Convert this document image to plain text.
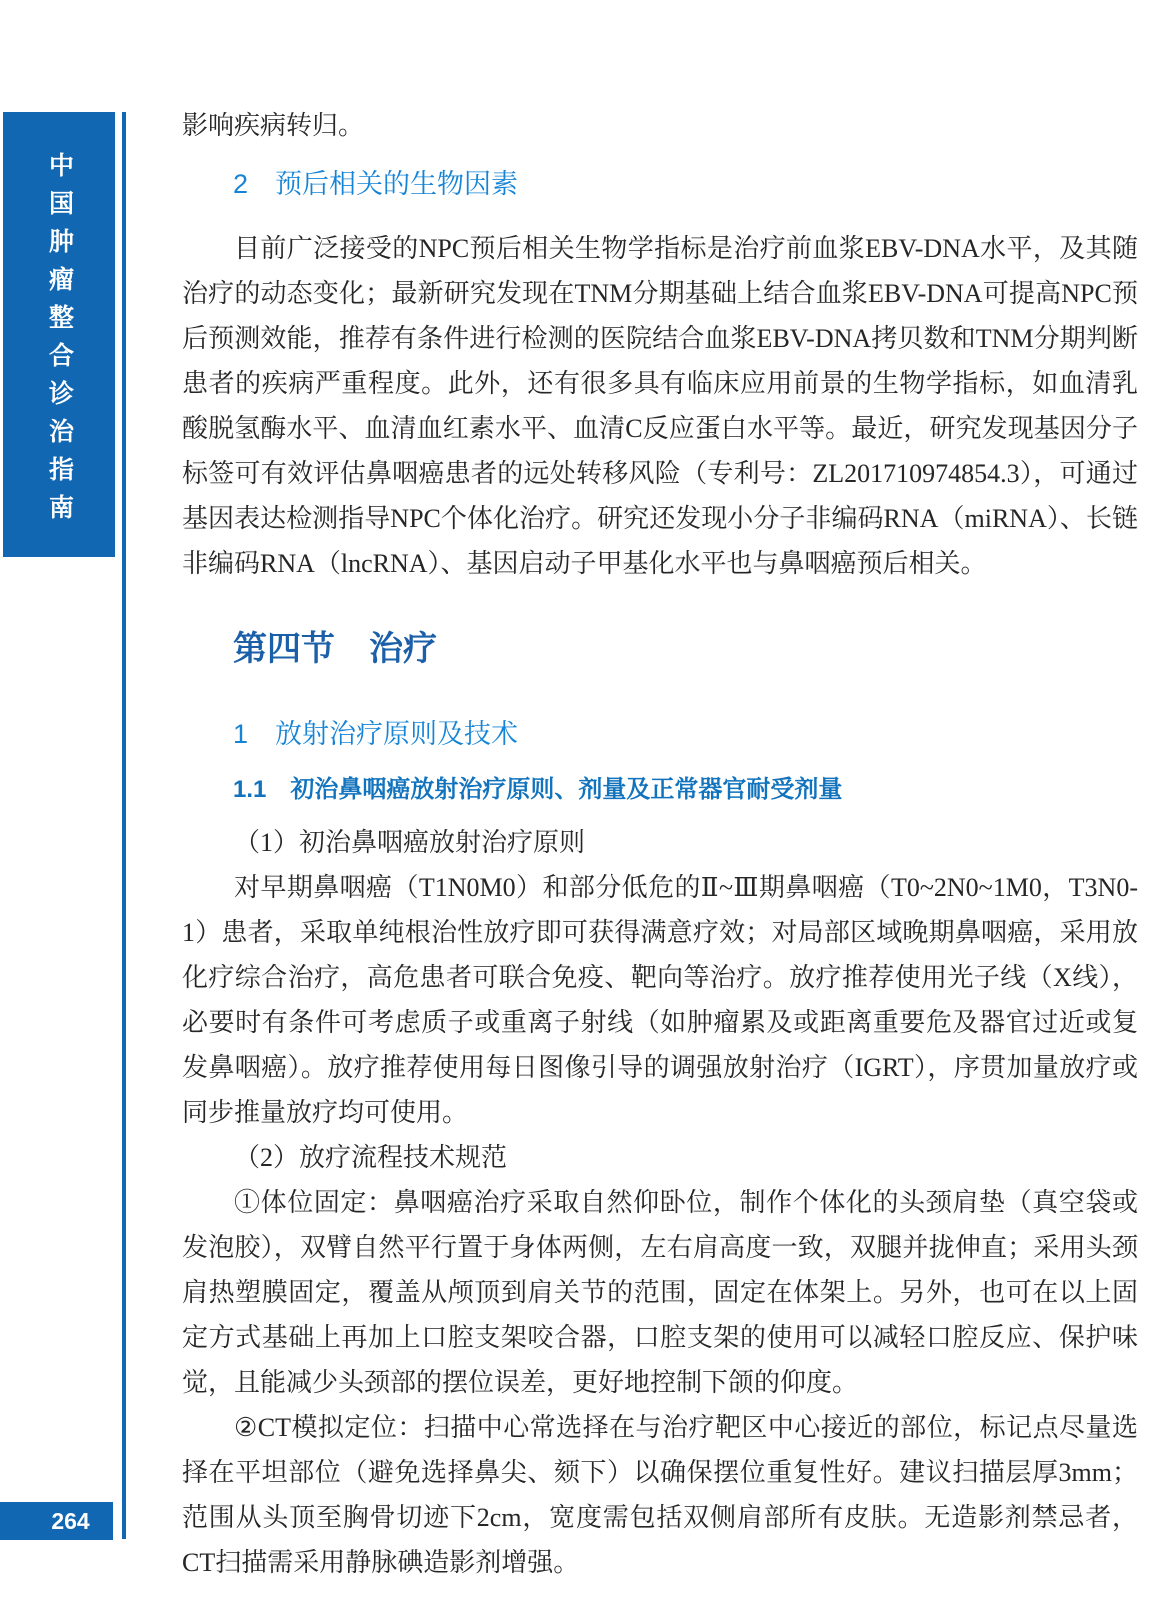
中国肿瘤整合诊治指南
264

影响疾病转归。

2　预后相关的生物因素

目前广泛接受的NPC预后相关生物学指标是治疗前血浆EBV-DNA水平，及其随治疗的动态变化；最新研究发现在TNM分期基础上结合血浆EBV-DNA可提高NPC预后预测效能，推荐有条件进行检测的医院结合血浆EBV-DNA拷贝数和TNM分期判断患者的疾病严重程度。此外，还有很多具有临床应用前景的生物学指标，如血清乳酸脱氢酶水平、血清血红素水平、血清C反应蛋白水平等。最近，研究发现基因分子标签可有效评估鼻咽癌患者的远处转移风险（专利号：ZL201710974854.3），可通过基因表达检测指导NPC个体化治疗。研究还发现小分子非编码RNA（miRNA）、长链非编码RNA（lncRNA）、基因启动子甲基化水平也与鼻咽癌预后相关。

第四节　治疗
1　放射治疗原则及技术
1.1　初治鼻咽癌放射治疗原则、剂量及正常器官耐受剂量

（1）初治鼻咽癌放射治疗原则

对早期鼻咽癌（T1N0M0）和部分低危的Ⅱ~Ⅲ期鼻咽癌（T0~2N0~1M0，T3N0-1）患者，采取单纯根治性放疗即可获得满意疗效；对局部区域晚期鼻咽癌，采用放化疗综合治疗，高危患者可联合免疫、靶向等治疗。放疗推荐使用光子线（X线），必要时有条件可考虑质子或重离子射线（如肿瘤累及或距离重要危及器官过近或复发鼻咽癌）。放疗推荐使用每日图像引导的调强放射治疗（IGRT），序贯加量放疗或同步推量放疗均可使用。

（2）放疗流程技术规范

①体位固定：鼻咽癌治疗采取自然仰卧位，制作个体化的头颈肩垫（真空袋或发泡胶），双臂自然平行置于身体两侧，左右肩高度一致，双腿并拢伸直；采用头颈肩热塑膜固定，覆盖从颅顶到肩关节的范围，固定在体架上。另外，也可在以上固定方式基础上再加上口腔支架咬合器，口腔支架的使用可以减轻口腔反应、保护味觉，且能减少头颈部的摆位误差，更好地控制下颌的仰度。

②CT模拟定位：扫描中心常选择在与治疗靶区中心接近的部位，标记点尽量选择在平坦部位（避免选择鼻尖、颏下）以确保摆位重复性好。建议扫描层厚3mm；范围从头顶至胸骨切迹下2cm，宽度需包括双侧肩部所有皮肤。无造影剂禁忌者，CT扫描需采用静脉碘造影剂增强。
